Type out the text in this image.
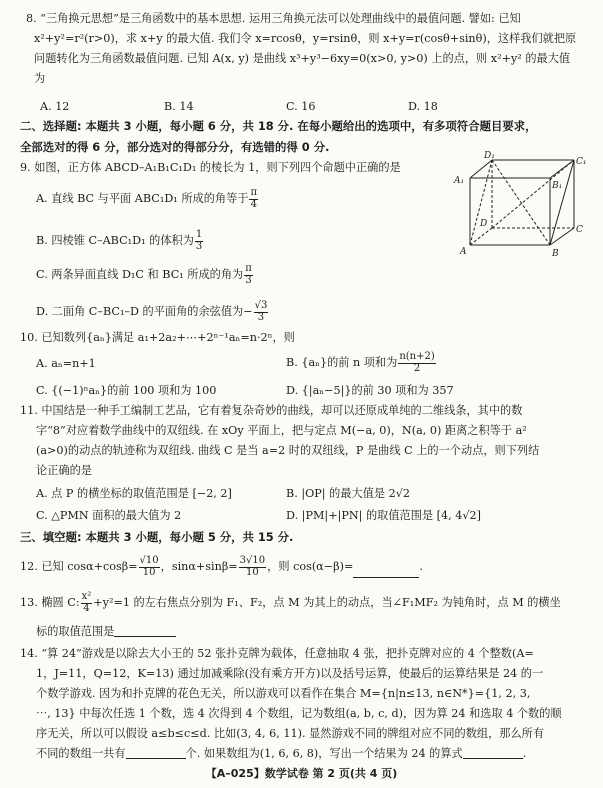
8. “三角换元思想”是三角函数中的基本思想. 运用三角换元法可以处理曲线中的最值问题. 譬如: 已知
x²+y²=r²(r>0)，求 x+y 的最大值. 我们令 x=rcosθ，y=rsinθ，则 x+y=r(cosθ+sinθ)，这样我们就把原
问题转化为三角函数最值问题. 已知 A(x, y) 是曲线 x³+y³−6xy=0(x>0, y>0) 上的点，则 x²+y² 的最大值
为
A. 12	B. 14	C. 16	D. 18
二、选择题: 本题共 3 小题，每小题 6 分，共 18 分. 在每小题给出的选项中，有多项符合题目要求，
全部选对的得 6 分，部分选对的得部分分，有选错的得 0 分.
9. 如图，正方体 ABCD–A₁B₁C₁D₁ 的棱长为 1，则下列四个命题中正确的是
A. 直线 BC 与平面 ABC₁D₁ 所成的角等于 $\frac{\pi}{4}$
B. 四棱锥 C–ABC₁D₁ 的体积为 $\frac{1}{3}$
C. 两条异面直线 D₁C 和 BC₁ 所成的角为 $\frac{\pi}{3}$
D. 二面角 C–BC₁–D 的平面角的余弦值为− $\frac{√3}{3}$
D₁
C₁
A₁	B₁
D
C
A	B
10. 已知数列{aₙ}满足 a₁+2a₂+⋯+2ⁿ⁻¹aₙ=n·2ⁿ，则
A. aₙ=n+1	B. {aₙ}的前 n 项和为 $\frac{n(n+2)}{2}$
C. {(−1)ⁿaₙ}的前 100 项和为 100	D. {|aₙ−5|}的前 30 项和为 357
11. 中国结是一种手工编制工艺品，它有着复杂奇妙的曲线，却可以还原成单纯的二维线条，其中的数
字“8”对应着数学曲线中的双纽线. 在 xOy 平面上，把与定点 M(−a, 0)，N(a, 0) 距离之积等于 a²
(a>0)的动点的轨迹称为双纽线. 曲线 C 是当 a=2 时的双纽线，P 是曲线 C 上的一个动点，则下列结
论正确的是
A. 点 P 的横坐标的取值范围是 [−2, 2]	B. |OP| 的最大值是 2√2
C. △PMN 面积的最大值为 2	D. |PM|+|PN| 的取值范围是 [4, 4√2]
三、填空题: 本题共 3 小题，每小题 5 分，共 15 分.
12. 已知 $\cos\alpha+\cos\beta= \frac{√10}{10}$ ，$\sin\alpha+\sin\beta= \frac{3√10}{10}$ ，则 cos(α−β)=	.
13. 椭圆 C: $\frac{\text{x²}}{4} +y^2=1$ 的左右焦点分别为 F₁、F₂，点 M 为其上的动点，当∠F₁MF₂ 为钝角时，点 M 的横坐
标的取值范围是
14. “算 24”游戏是以除去大小王的 52 张扑克牌为载体，任意抽取 4 张，把扑克牌对应的 4 个整数(A=
1，J=11，Q=12，K=13) 通过加减乘除(没有乘方开方)以及括号运算，使最后的运算结果是 24 的一
个数学游戏. 因为和扑克牌的花色无关，所以游戏可以看作在集合 M={n|n≤13, n∈N*}={1, 2, 3,
⋯, 13} 中每次任选 1 个数，选 4 次得到 4 个数组，记为数组(a, b, c, d)，因为算 24 和选取 4 个数的顺
序无关，所以可以假设 a≤b≤c≤d. 比如(3, 4, 6, 11). 显然游戏不同的牌组对应不同的数组，那么所有
不同的数组一共有	个. 如果数组为(1, 6, 6, 8)，写出一个结果为 24 的算式	.
【A–025】数学试卷 第 2 页(共 4 页)
